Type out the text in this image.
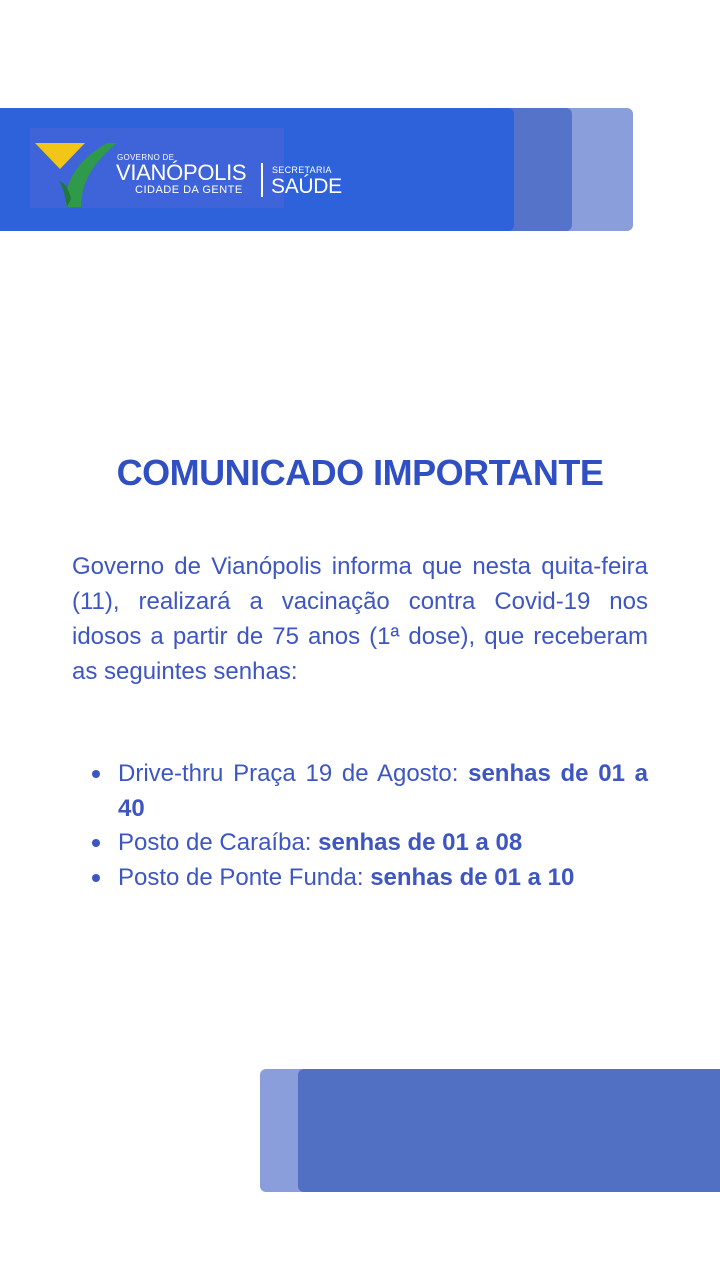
GOVERNO DE
VIANÓPOLIS
CIDADE DA GENTE
SECRETARIA
SAÚDE
COMUNICADO IMPORTANTE

Governo de Vianópolis informa que nesta quita-feira (11), realizará a vacinação contra Covid-19 nos idosos a partir de 75 anos (1ª dose), que receberam as seguintes senhas:

Drive-thru Praça 19 de Agosto: senhas de 01 a 40
Posto de Caraíba: senhas de 01 a 08
Posto de Ponte Funda: senhas de 01 a 10
